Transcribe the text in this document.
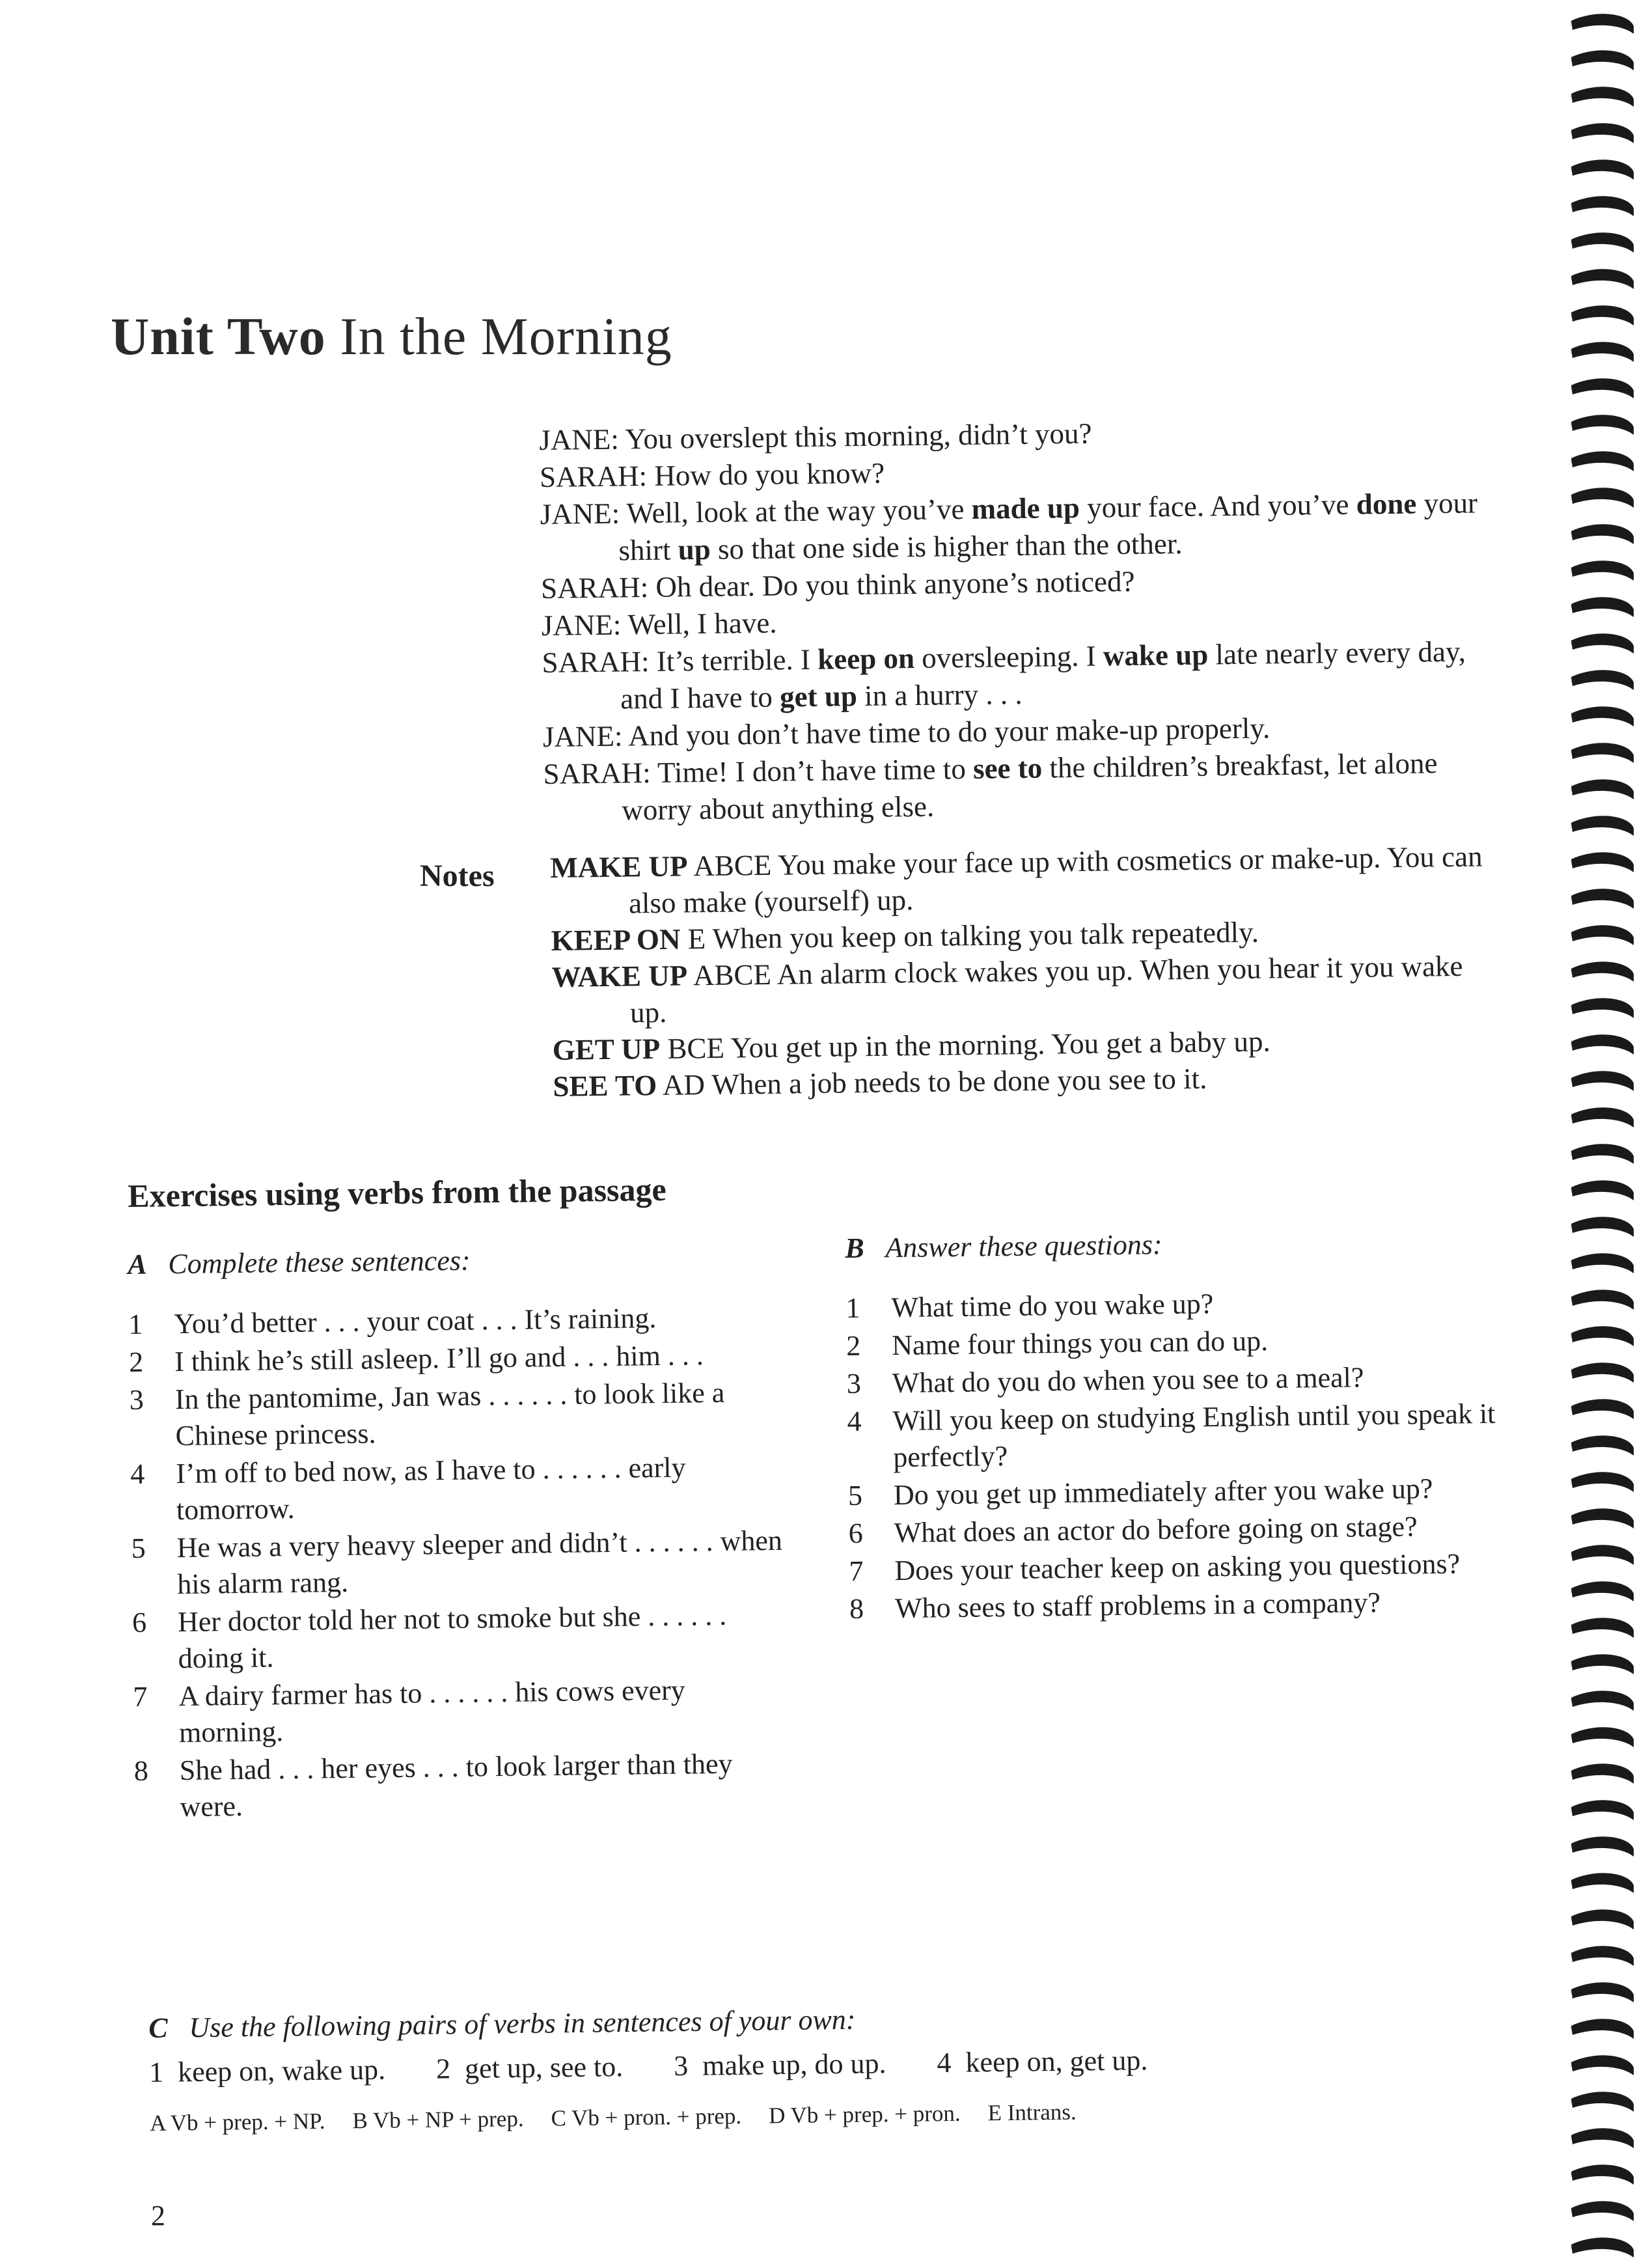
Unit Two In the Morning

JANE: You overslept this morning, didn’t you?

SARAH: How do you know?

JANE: Well, look at the way you’ve made up your face. And you’ve done your shirt up so that one side is higher than the other.

SARAH: Oh dear. Do you think anyone’s noticed?

JANE: Well, I have.

SARAH: It’s terrible. I keep on oversleeping. I wake up late nearly every day, and I have to get up in a hurry . . .

JANE: And you don’t have time to do your make-up properly.

SARAH: Time! I don’t have time to see to the children’s breakfast, let alone worry about anything else.

Notes MAKE UP ABCE You make your face up with cosmetics or make-up. You can also make (yourself) up.

KEEP ON E When you keep on talking you talk repeatedly.

WAKE UP ABCE An alarm clock wakes you up. When you hear it you wake up.

GET UP BCE You get up in the morning. You get a baby up.

SEE TO AD When a job needs to be done you see to it.

Exercises using verbs from the passage
A Complete these sentences:
1	You’d better . . . your coat . . . It’s raining.
2	I think he’s still asleep. I’ll go and . . . him . . .
3	In the pantomime, Jan was . . . . . . to look like a Chinese princess.
4	I’m off to bed now, as I have to . . . . . . early tomorrow.
5	He was a very heavy sleeper and didn’t . . . . . . when his alarm rang.
6	Her doctor told her not to smoke but she . . . . . . doing it.
7	A dairy farmer has to . . . . . . his cows every morning.
8	She had . . . her eyes . . . to look larger than they were.
B Answer these questions:
1	What time do you wake up?
2	Name four things you can do up.
3	What do you do when you see to a meal?
4	Will you keep on studying English until you speak it perfectly?
5	Do you get up immediately after you wake up?
6	What does an actor do before going on stage?
7	Does your teacher keep on asking you questions?
8	Who sees to staff problems in a company?
C Use the following pairs of verbs in sentences of your own:
1 keep on, wake up. 2 get up, see to. 3 make up, do up. 4 keep on, get up.
A Vb + prep. + NP. B Vb + NP + prep. C Vb + pron. + prep. D Vb + prep. + pron. E Intrans.
2
